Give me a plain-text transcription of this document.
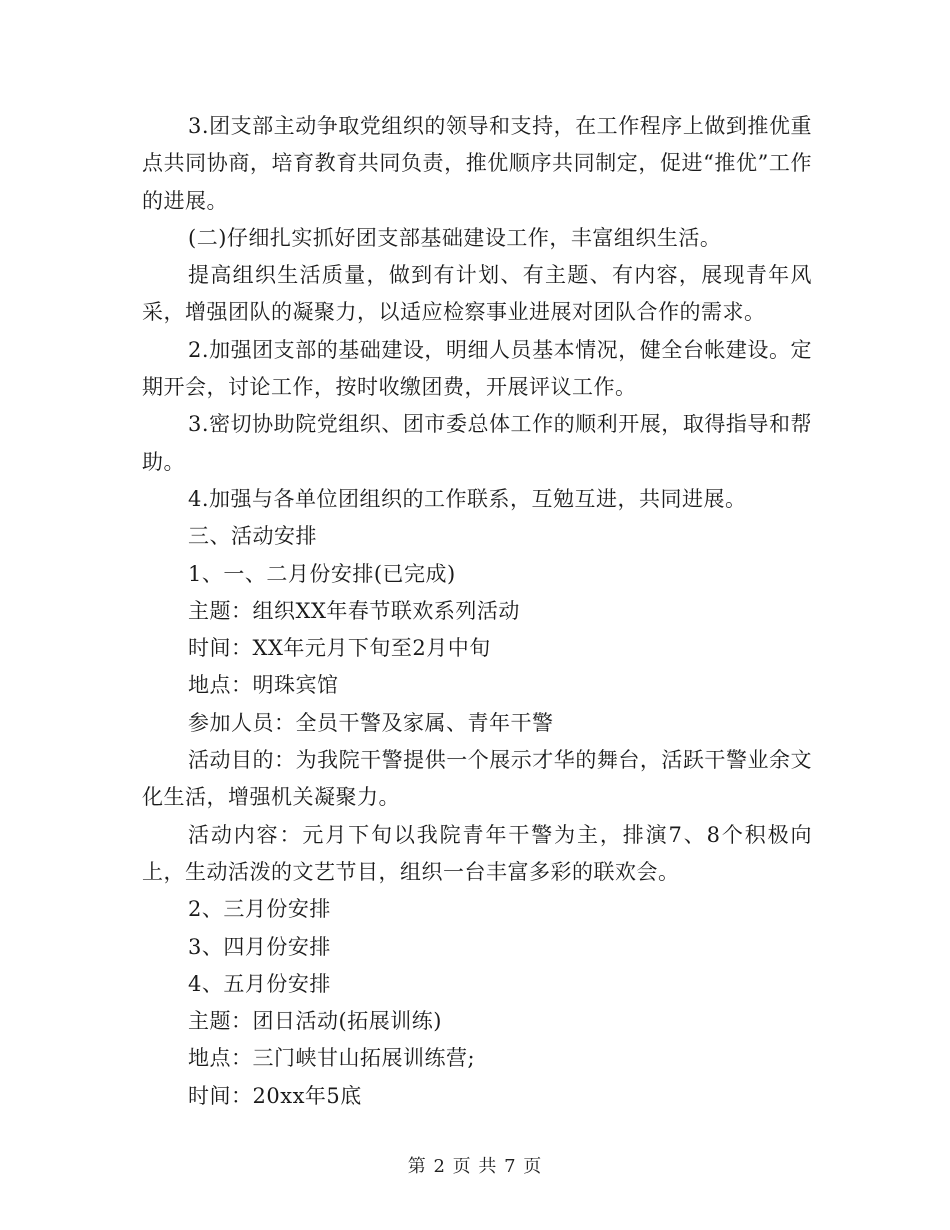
3.团支部主动争取党组织的领导和支持，在工作程序上做到推优重点共同协商，培育教育共同负责，推优顺序共同制定，促进“推优”工作的进展。

(二)仔细扎实抓好团支部基础建设工作，丰富组织生活。

提高组织生活质量，做到有计划、有主题、有内容，展现青年风采，增强团队的凝聚力，以适应检察事业进展对团队合作的需求。

2.加强团支部的基础建设，明细人员基本情况，健全台帐建设。定期开会，讨论工作，按时收缴团费，开展评议工作。

3.密切协助院党组织、团市委总体工作的顺利开展，取得指导和帮助。

4.加强与各单位团组织的工作联系，互勉互进，共同进展。

三、活动安排

1、一、二月份安排(已完成)

主题：组织XX年春节联欢系列活动

时间：XX年元月下旬至2月中旬

地点：明珠宾馆

参加人员：全员干警及家属、青年干警

活动目的：为我院干警提供一个展示才华的舞台，活跃干警业余文化生活，增强机关凝聚力。

活动内容：元月下旬以我院青年干警为主，排演7、8个积极向上，生动活泼的文艺节目，组织一台丰富多彩的联欢会。

2、三月份安排

3、四月份安排

4、五月份安排

主题：团日活动(拓展训练)

地点：三门峡甘山拓展训练营;

时间：20xx年5底

第 2 页 共 7 页
